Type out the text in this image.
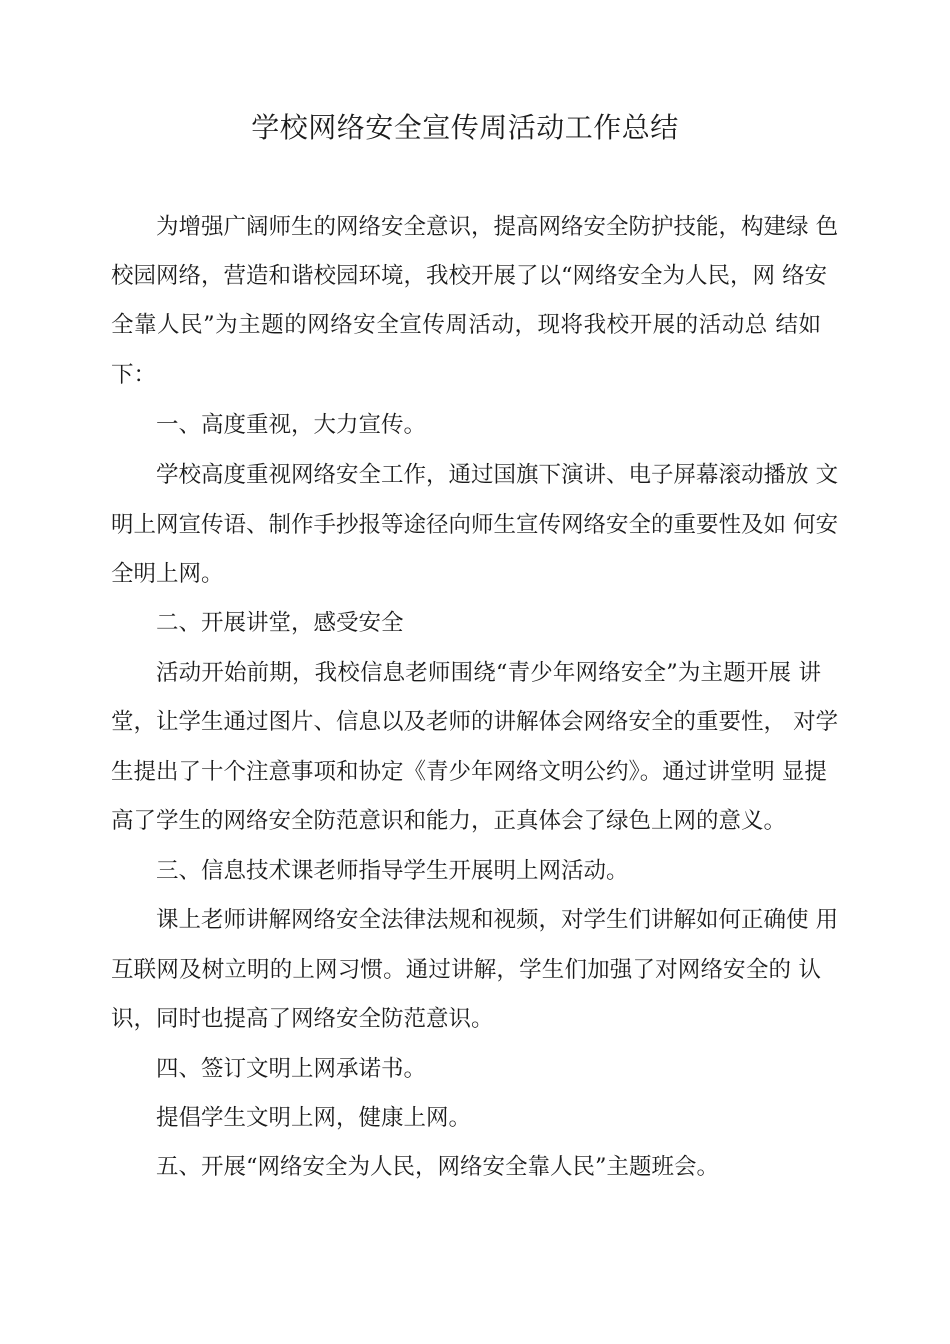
学校网络安全宣传周活动工作总结
为增强广阔师生的网络安全意识，提高网络安全防护技能，构建绿 色
校园网络，营造和谐校园环境，我校开展了以“网络安全为人民，网 络安
全靠人民”为主题的网络安全宣传周活动，现将我校开展的活动总 结如
下：
一、高度重视，大力宣传。
学校高度重视网络安全工作，通过国旗下演讲、电子屏幕滚动播放 文
明上网宣传语、制作手抄报等途径向师生宣传网络安全的重要性及如 何安
全明上网。
二、开展讲堂，感受安全
活动开始前期，我校信息老师围绕“青少年网络安全”为主题开展 讲
堂，让学生通过图片、信息以及老师的讲解体会网络安全的重要性， 对学
生提出了十个注意事项和协定《青少年网络文明公约》。通过讲堂明 显提
高了学生的网络安全防范意识和能力，正真体会了绿色上网的意义。
三、信息技术课老师指导学生开展明上网活动。
课上老师讲解网络安全法律法规和视频，对学生们讲解如何正确使 用
互联网及树立明的上网习惯。通过讲解，学生们加强了对网络安全的 认
识，同时也提高了网络安全防范意识。
四、签订文明上网承诺书。
提倡学生文明上网，健康上网。
五、开展“网络安全为人民，网络安全靠人民”主题班会。
